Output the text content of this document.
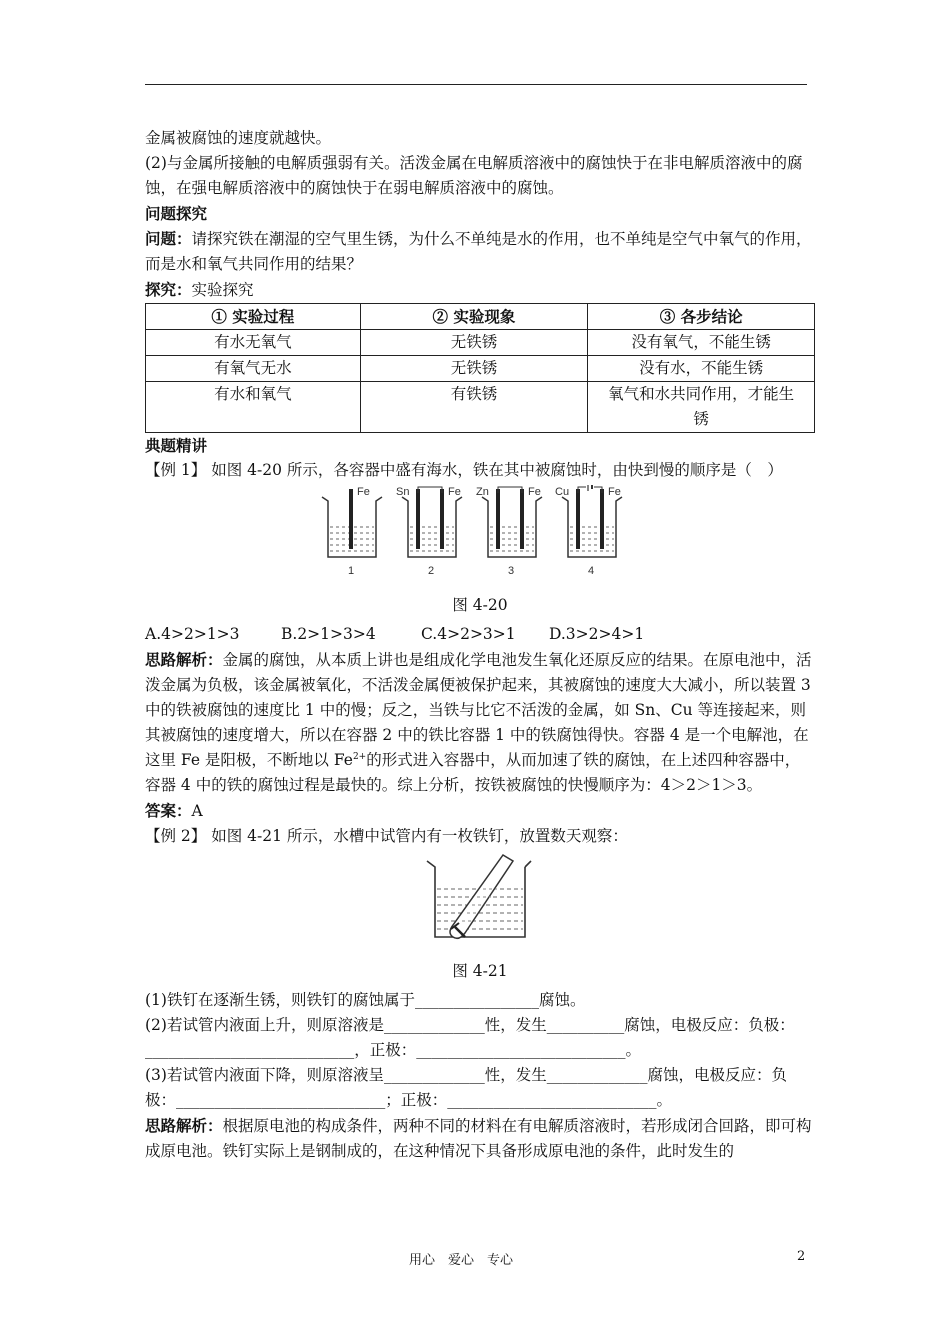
金属被腐蚀的速度就越快。

(2)与金属所接触的电解质强弱有关。活泼金属在电解质溶液中的腐蚀快于在非电解质溶液中的腐蚀，在强电解质溶液中的腐蚀快于在弱电解质溶液中的腐蚀。

问题探究

问题：请探究铁在潮湿的空气里生锈，为什么不单纯是水的作用，也不单纯是空气中氧气的作用，而是水和氧气共同作用的结果？

探究：实验探究

① 实验过程	② 实验现象	③ 各步结论
有水无氧气	无铁锈	没有氧气，不能生锈
有氧气无水	无铁锈	没有水，不能生锈
有水和氧气	有铁锈	氧气和水共同作用，才能生锈

典题精讲

【例 1】 如图 4-20 所示，各容器中盛有海水，铁在其中被腐蚀时，由快到慢的顺序是（　）

Fe
1
Sn	Fe
2
Zn	Fe
3
Cu	Fe
4

图 4-20

A.4>2>1>3	B.2>1>3>4	C.4>2>3>1	D.3>2>4>1

思路解析：金属的腐蚀，从本质上讲也是组成化学电池发生氧化还原反应的结果。在原电池中，活泼金属为负极，该金属被氧化，不活泼金属便被保护起来，其被腐蚀的速度大大减小，所以装置 3 中的铁被腐蚀的速度比 1 中的慢；反之，当铁与比它不活泼的金属，如 Sn、Cu 等连接起来，则其被腐蚀的速度增大，所以在容器 2 中的铁比容器 1 中的铁腐蚀得快。容器 4 是一个电解池，在这里 Fe 是阳极，不断地以 $Fe^{2+}$的形式进入容器中，从而加速了铁的腐蚀，在上述四种容器中，容器 4 中的铁的腐蚀过程是最快的。综上分析，按铁被腐蚀的快慢顺序为：4＞2＞1＞3。

答案：A

【例 2】 如图 4-21 所示，水槽中试管内有一枚铁钉，放置数天观察：

图 4-21

(1)铁钉在逐渐生锈，则铁钉的腐蚀属于________________腐蚀。

(2)若试管内液面上升，则原溶液是_____________性，发生__________腐蚀，电极反应：负极：___________________________，正极：___________________________。

(3)若试管内液面下降，则原溶液呈_____________性，发生_____________腐蚀，电极反应：负极：___________________________；正极：___________________________。

思路解析：根据原电池的构成条件，两种不同的材料在有电解质溶液时，若形成闭合回路，即可构成原电池。铁钉实际上是钢制成的，在这种情况下具备形成原电池的条件，此时发生的

用心　爱心　专心	2
